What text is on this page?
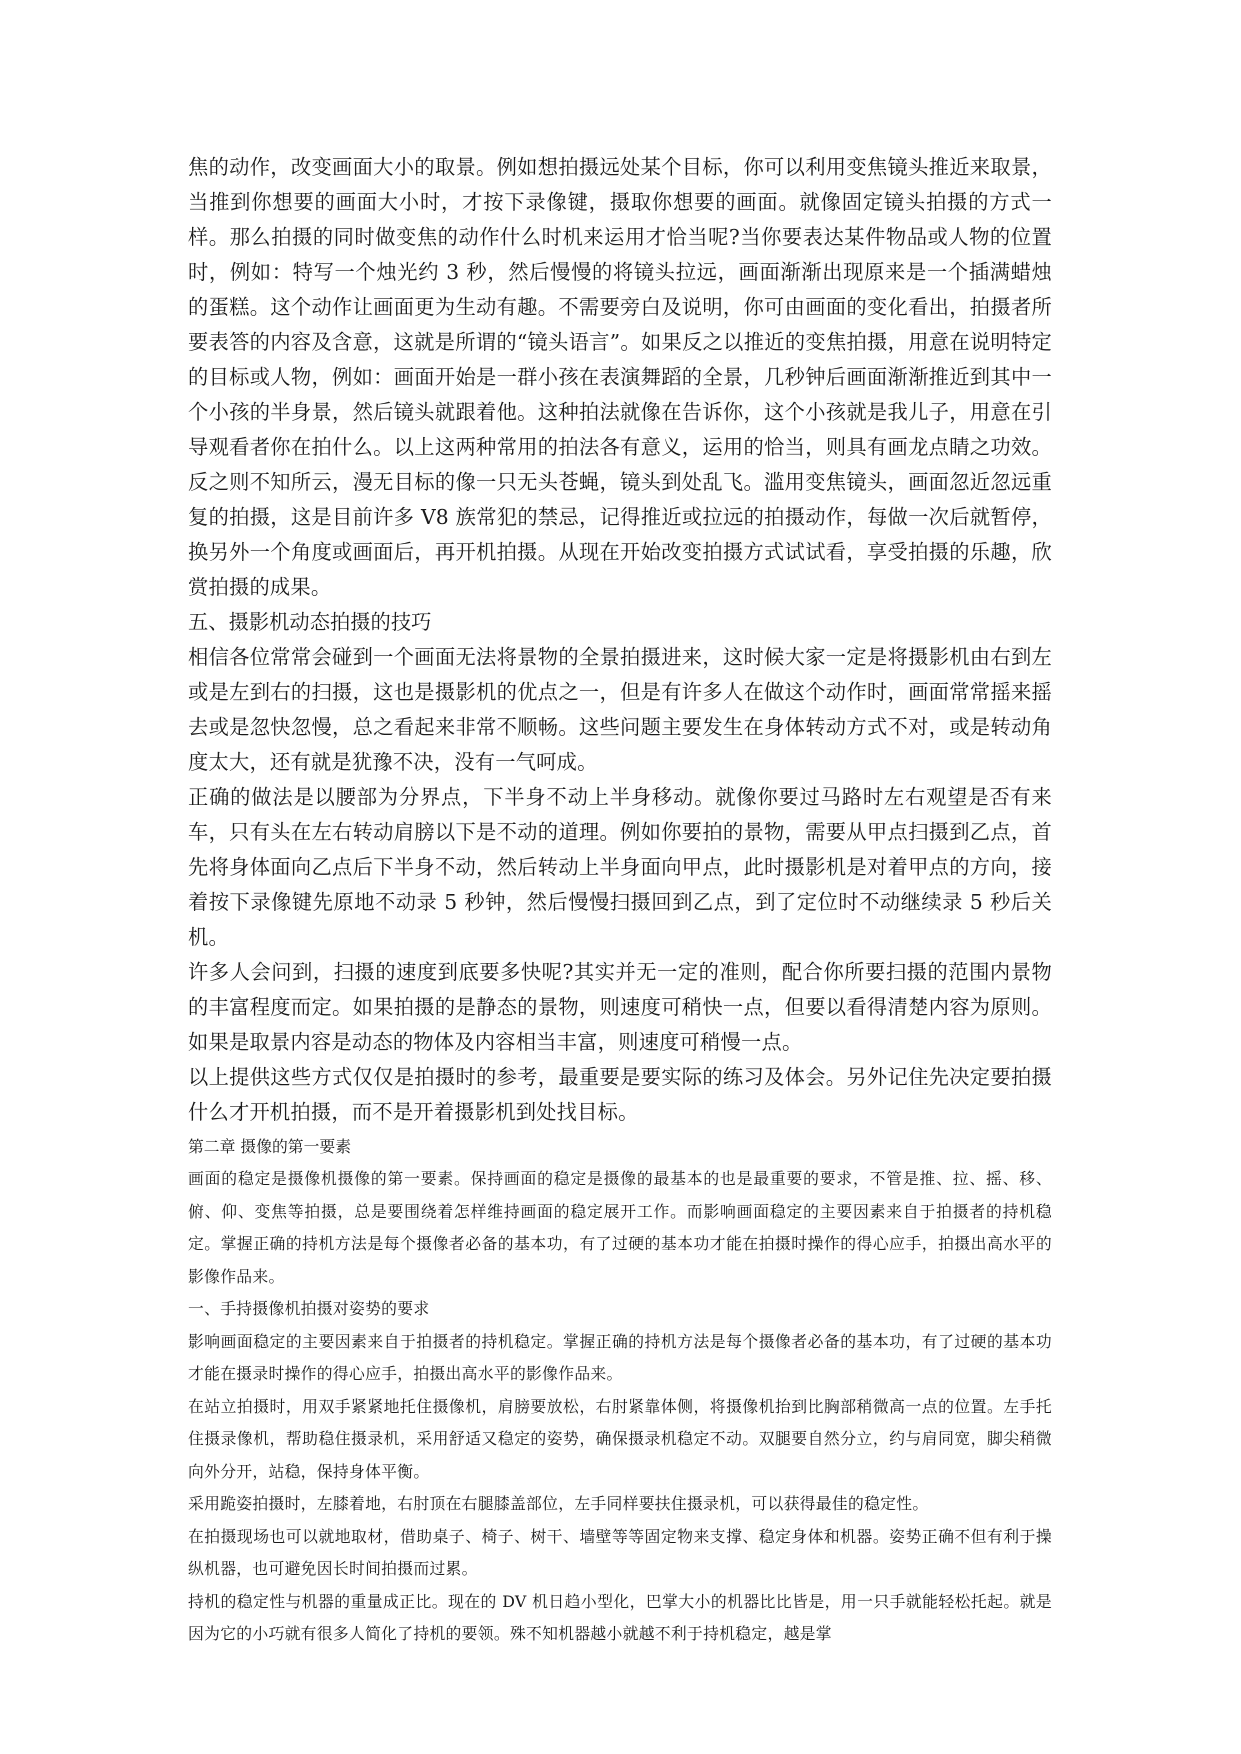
焦的动作，改变画面大小的取景。例如想拍摄远处某个目标，你可以利用变焦镜头推近来取景，当推到你想要的画面大小时，才按下录像键，摄取你想要的画面。就像固定镜头拍摄的方式一样。那么拍摄的同时做变焦的动作什么时机来运用才恰当呢?当你要表达某件物品或人物的位置时，例如：特写一个烛光约 3 秒，然后慢慢的将镜头拉远，画面渐渐出现原来是一个插满蜡烛的蛋糕。这个动作让画面更为生动有趣。不需要旁白及说明，你可由画面的变化看出，拍摄者所要表答的内容及含意，这就是所谓的“镜头语言”。如果反之以推近的变焦拍摄，用意在说明特定的目标或人物，例如：画面开始是一群小孩在表演舞蹈的全景，几秒钟后画面渐渐推近到其中一个小孩的半身景，然后镜头就跟着他。这种拍法就像在告诉你，这个小孩就是我儿子，用意在引导观看者你在拍什么。以上这两种常用的拍法各有意义，运用的恰当，则具有画龙点睛之功效。反之则不知所云，漫无目标的像一只无头苍蝇，镜头到处乱飞。滥用变焦镜头，画面忽近忽远重复的拍摄，这是目前许多 V8 族常犯的禁忌，记得推近或拉远的拍摄动作，每做一次后就暂停，换另外一个角度或画面后，再开机拍摄。从现在开始改变拍摄方式试试看，享受拍摄的乐趣，欣赏拍摄的成果。

五、摄影机动态拍摄的技巧

相信各位常常会碰到一个画面无法将景物的全景拍摄进来，这时候大家一定是将摄影机由右到左或是左到右的扫摄，这也是摄影机的优点之一，但是有许多人在做这个动作时，画面常常摇来摇去或是忽快忽慢，总之看起来非常不顺畅。这些问题主要发生在身体转动方式不对，或是转动角度太大，还有就是犹豫不决，没有一气呵成。

正确的做法是以腰部为分界点，下半身不动上半身移动。就像你要过马路时左右观望是否有来车，只有头在左右转动肩膀以下是不动的道理。例如你要拍的景物，需要从甲点扫摄到乙点，首先将身体面向乙点后下半身不动，然后转动上半身面向甲点，此时摄影机是对着甲点的方向，接着按下录像键先原地不动录 5 秒钟，然后慢慢扫摄回到乙点，到了定位时不动继续录 5 秒后关机。

许多人会问到，扫摄的速度到底要多快呢?其实并无一定的准则，配合你所要扫摄的范围内景物的丰富程度而定。如果拍摄的是静态的景物，则速度可稍快一点，但要以看得清楚内容为原则。如果是取景内容是动态的物体及内容相当丰富，则速度可稍慢一点。

以上提供这些方式仅仅是拍摄时的参考，最重要是要实际的练习及体会。另外记住先决定要拍摄什么才开机拍摄，而不是开着摄影机到处找目标。

第二章 摄像的第一要素

画面的稳定是摄像机摄像的第一要素。保持画面的稳定是摄像的最基本的也是最重要的要求，不管是推、拉、摇、移、俯、仰、变焦等拍摄，总是要围绕着怎样维持画面的稳定展开工作。而影响画面稳定的主要因素来自于拍摄者的持机稳定。掌握正确的持机方法是每个摄像者必备的基本功，有了过硬的基本功才能在拍摄时操作的得心应手，拍摄出高水平的影像作品来。

一、手持摄像机拍摄对姿势的要求

影响画面稳定的主要因素来自于拍摄者的持机稳定。掌握正确的持机方法是每个摄像者必备的基本功，有了过硬的基本功才能在摄录时操作的得心应手，拍摄出高水平的影像作品来。

在站立拍摄时，用双手紧紧地托住摄像机，肩膀要放松，右肘紧靠体侧，将摄像机抬到比胸部稍微高一点的位置。左手托住摄录像机，帮助稳住摄录机，采用舒适又稳定的姿势，确保摄录机稳定不动。双腿要自然分立，约与肩同宽，脚尖稍微向外分开，站稳，保持身体平衡。

采用跪姿拍摄时，左膝着地，右肘顶在右腿膝盖部位，左手同样要扶住摄录机，可以获得最佳的稳定性。

在拍摄现场也可以就地取材，借助桌子、椅子、树干、墙壁等等固定物来支撑、稳定身体和机器。姿势正确不但有利于操纵机器，也可避免因长时间拍摄而过累。

持机的稳定性与机器的重量成正比。现在的 DV 机日趋小型化，巴掌大小的机器比比皆是，用一只手就能轻松托起。就是因为它的小巧就有很多人简化了持机的要领。殊不知机器越小就越不利于持机稳定，越是掌
